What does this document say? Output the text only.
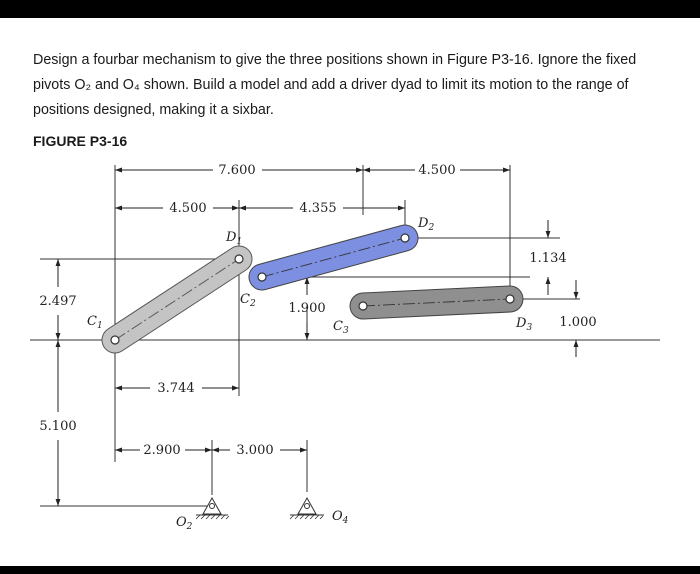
Design a fourbar mechanism to give the three positions shown in Figure P3-16. Ignore the fixed
pivots O₂ and O₄ shown. Build a model and add a driver dyad to limit its motion to the range of
positions designed, making it a sixbar.
FIGURE P3-16
7.600	4.500
4.500	4.355
1.134
2.497	1.900
1.000
3.744
5.100
2.900	3.000
$C_1$
$D_1$
$C_2$
$D_2$
$C_3$	$D_3$
$O_2$
$O_4$
